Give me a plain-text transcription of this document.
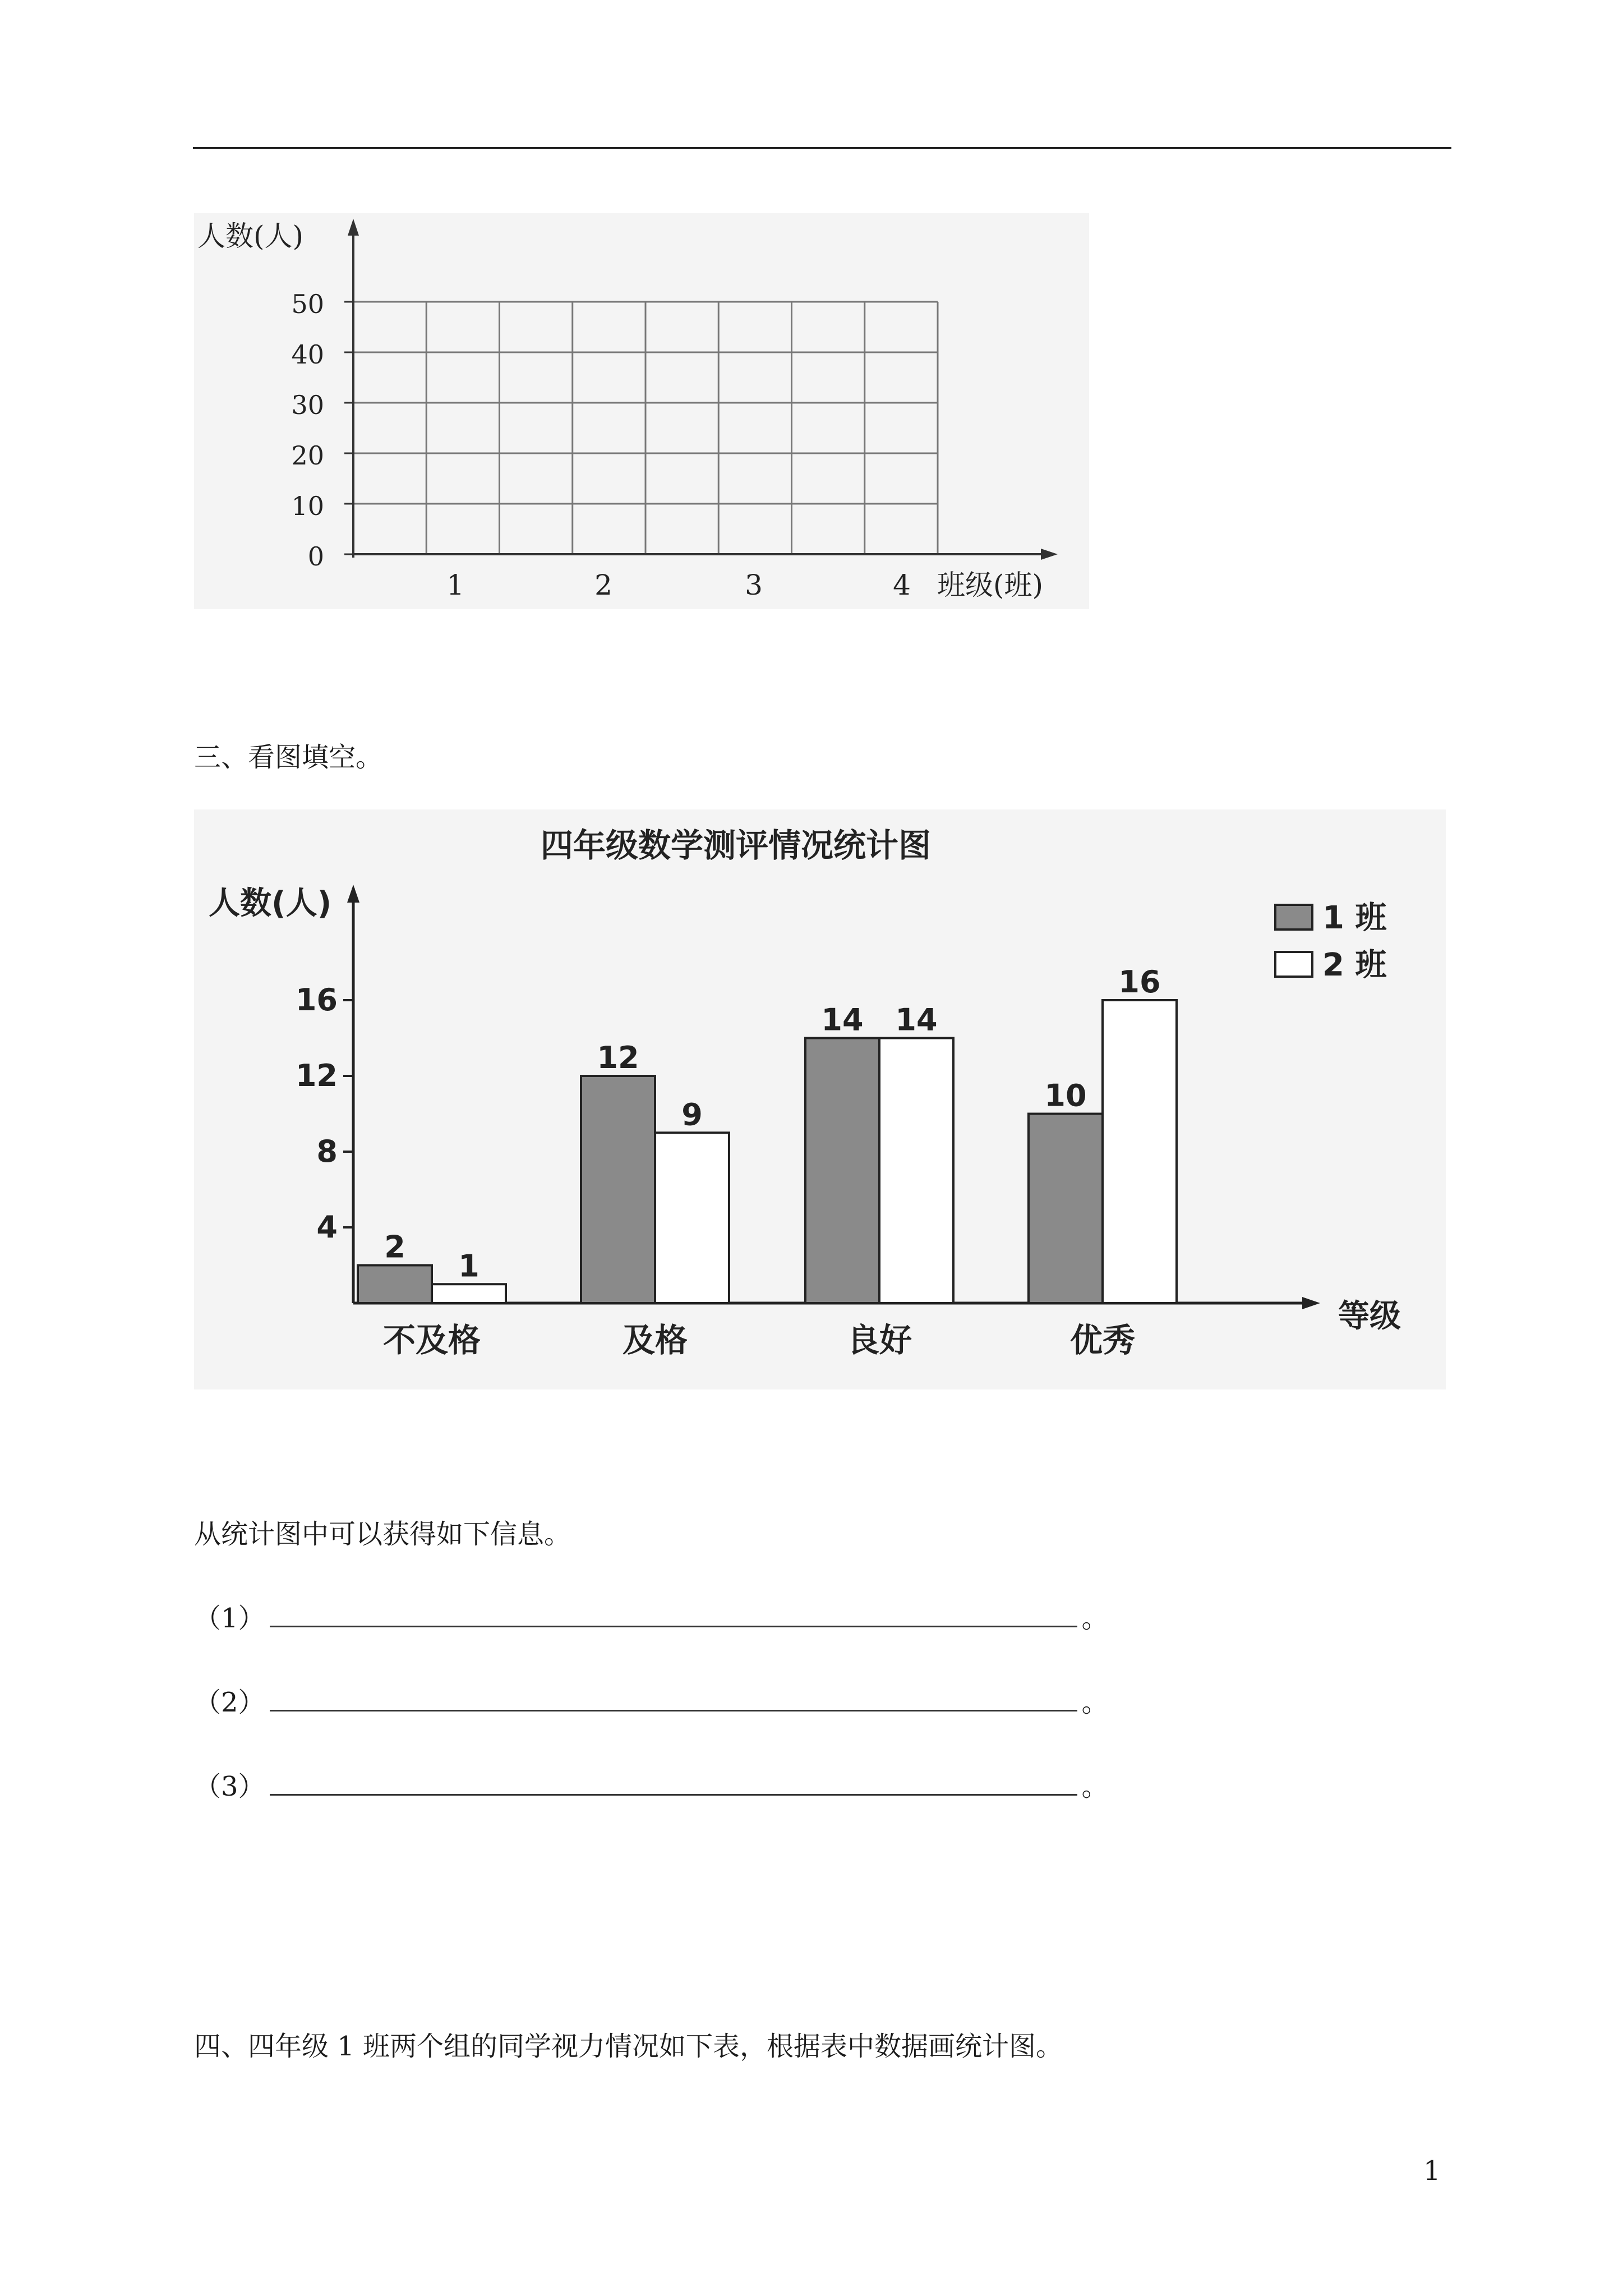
人数(人)
班级(班)
50
40
30
20
10
0
1	2	3	4
三、看图填空。
四年级数学测评情况统计图
人数(人)
等级
4
8
12
16
2
1
不及格
12
9
及格
14 14
良好
10
16
优秀
1 班
2 班
从统计图中可以获得如下信息。
（1）	。
（2）	。
（3）	。
四、四年级 1 班两个组的同学视力情况如下表，根据表中数据画统计图。
1
